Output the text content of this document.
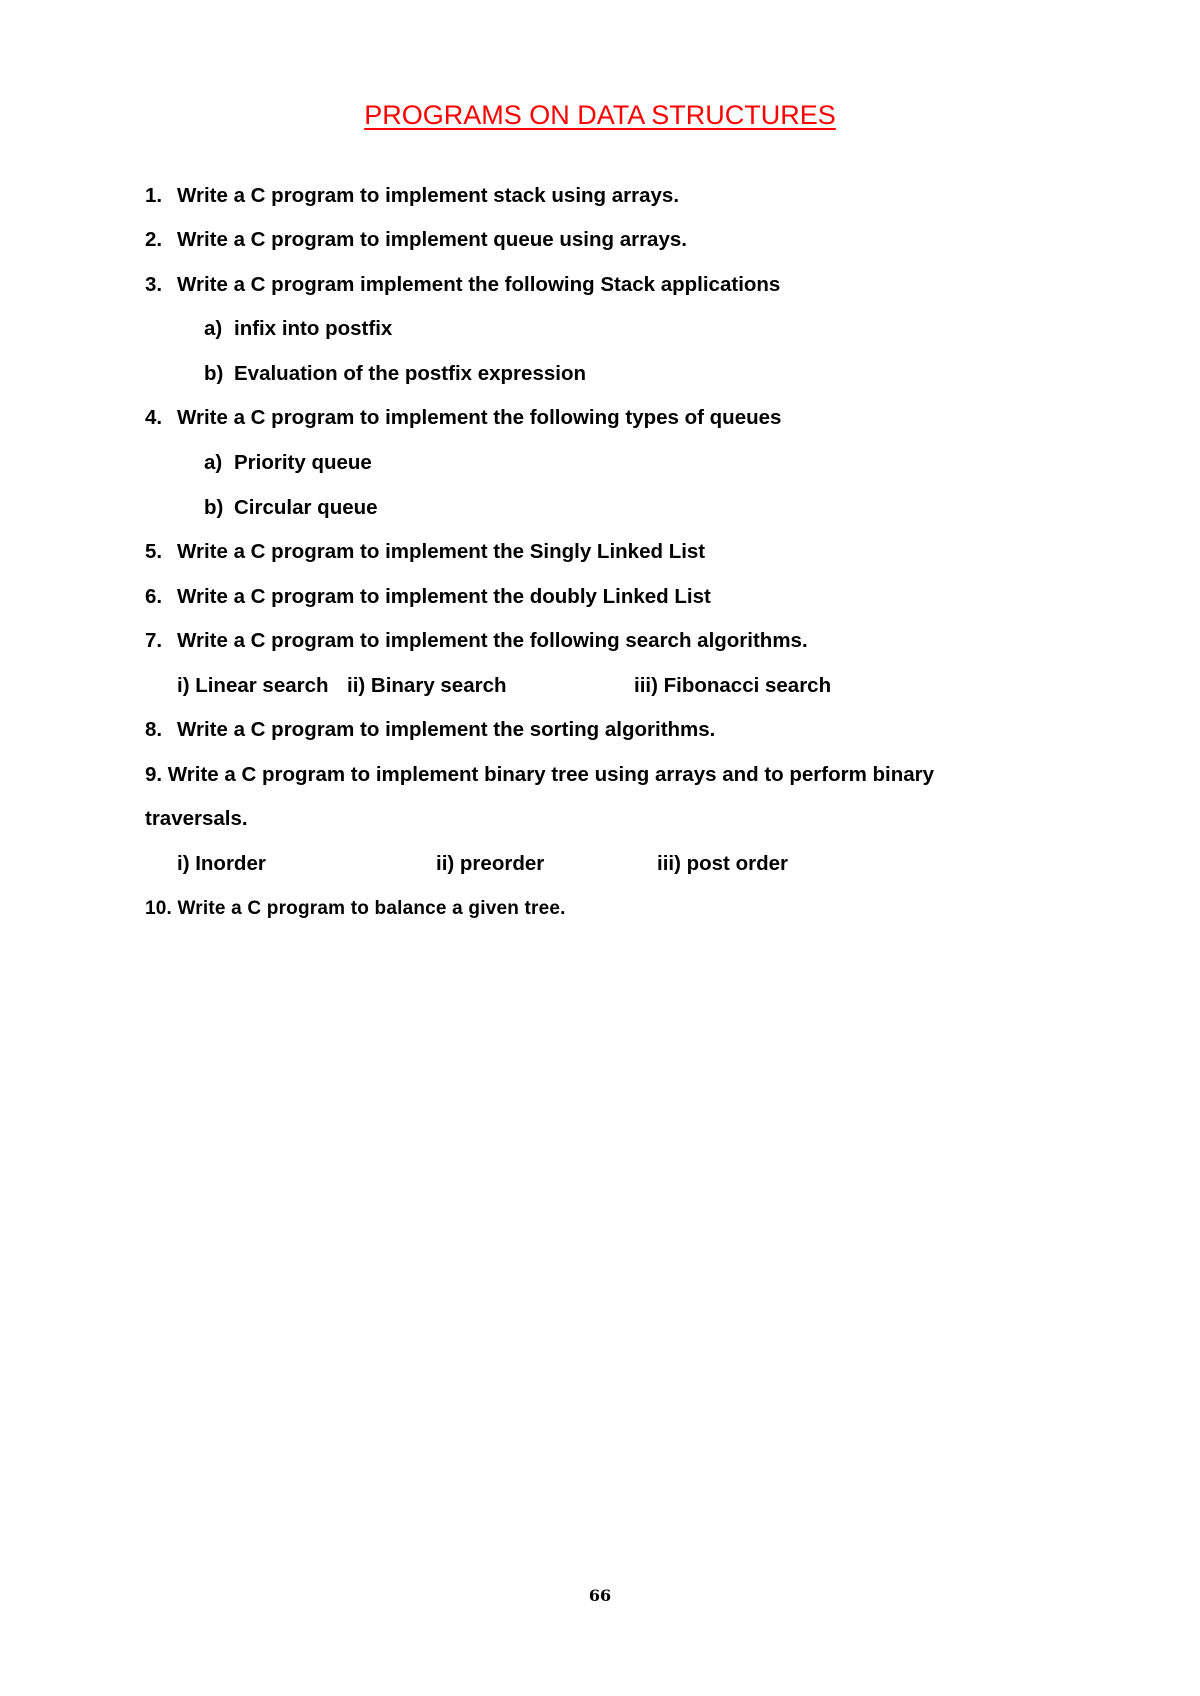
PROGRAMS ON DATA STRUCTURES
1. Write a C program to implement stack using arrays.
2. Write a C program to implement queue using arrays.
3. Write a C program implement the following Stack applications
a) infix into postfix
b) Evaluation of the postfix expression
4. Write a C program to implement the following types of queues
a) Priority queue
b) Circular queue
5. Write a C program to implement the Singly Linked List
6. Write a C program to implement the doubly Linked List
7. Write a C program to implement the following search algorithms.
i) Linear search ii) Binary search	iii) Fibonacci search
8. Write a C program to implement the sorting algorithms.
9. Write a C program to implement binary tree using arrays and to perform binary
traversals.
i) Inorder	ii) preorder	iii) post order
10. Write a C program to balance a given tree.
66
